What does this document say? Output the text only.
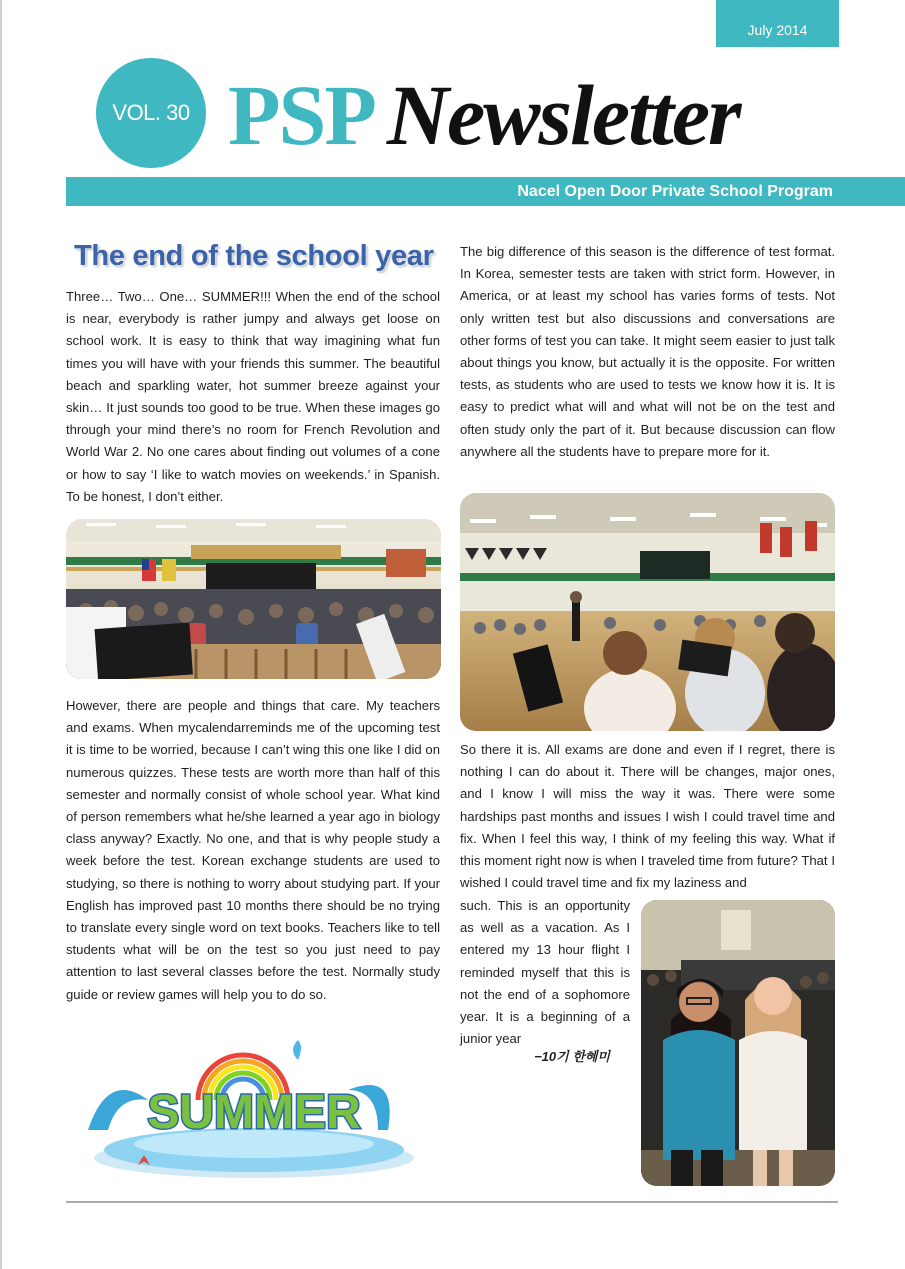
July 2014
VOL. 30 PSP Newsletter
Nacel Open Door Private School Program
The end of the school year
Three… Two… One… SUMMER!!! When the end of the school is near, everybody is rather jumpy and always get loose on school work. It is easy to think that way imagining what fun times you will have with your friends this summer. The beautiful beach and sparkling water, hot summer breeze against your skin… It just sounds too good to be true. When these images go through your mind there’s no room for French Revolution and World War 2. No one cares about finding out volumes of a cone or how to say ‘I like to watch movies on weekends.’ in Spanish. To be honest, I don’t either.
However, there are people and things that care. My teachers and exams. When mycalendarreminds me of the upcoming test it is time to be worried, because I can’t wing this one like I did on numerous quizzes. These tests are worth more than half of this semester and normally consist of whole school year. What kind of person remembers what he/she learned a year ago in biology class anyway? Exactly. No one, and that is why people study a week before the test. Korean exchange students are used to studying, so there is nothing to worry about studying part. If your English has improved past 10 months there should be no trying to translate every single word on text books. Teachers like to tell students what will be on the test so you just need to pay attention to last several classes before the test. Normally study guide or review games will help you to do so.
The big difference of this season is the difference of test format. In Korea, semester tests are taken with strict form. However, in America, or at least my school has varies forms of tests. Not only written test but also discussions and conversations are other forms of test you can take. It might seem easier to just talk about things you know, but actually it is the opposite. For written tests, as students who are used to tests we know how it is. It is easy to predict what will and what will not be on the test and often study only the part of it. But because discussion can flow anywhere all the students have to prepare more for it.
So there it is. All exams are done and even if I regret, there is nothing I can do about it. There will be changes, major ones, and I know I will miss the way it was. There were some hardships past months and issues I wish I could travel time and fix. When I feel this way, I think of my feeling this way. What if this moment right now is when I traveled time from future? That I wished I could travel time and fix my laziness and
such. This is an opportunity as well as a vacation. As I entered my 13 hour flight I reminded myself that this is not the end of a sophomore year. It is a beginning of a junior year
−10기 한혜미
SUMMER
